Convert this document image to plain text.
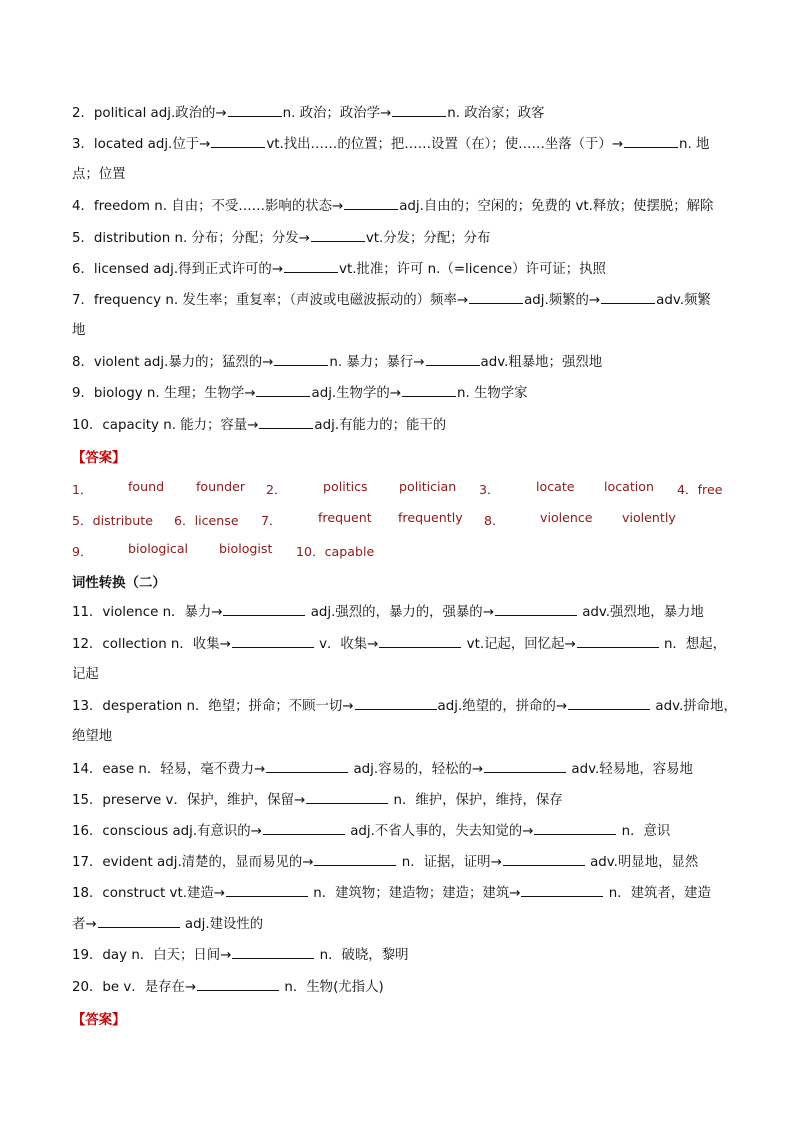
2．political adj.政治的→	n. 政治；政治学→	n. 政治家；政客
3．located adj.位于→	vt.找出……的位置；把……设置（在）；使……坐落（于）→	n. 地
点；位置
4．freedom n. 自由；不受……影响的状态→	adj.自由的；空闲的；免费的 vt.释放；使摆脱；解除
5．distribution n. 分布；分配；分发→	vt.分发；分配；分布
6．licensed adj.得到正式许可的→	vt.批准；许可 n.（=licence）许可证；执照
7．frequency n. 发生率；重复率；（声波或电磁波振动的）频率→	adj.频繁的→	adv.频繁
地
8．violent adj.暴力的；猛烈的→	n. 暴力；暴行→	adv.粗暴地；强烈地
9．biology n. 生理；生物学→	adj.生物学的→	n. 生物学家
10．capacity n. 能力；容量→	adj.有能力的；能干的
【答案】
1．	found	founder 2．	politics politician 3．	locate location 4．free
5．distribute 6．license 7．	frequent frequently 8．	violence violently
9．	biological biologist 10．capable
词性转换（二）
11．violence n．暴力→	adj.强烈的，暴力的，强暴的→	adv.强烈地，暴力地
12．collection n．收集→	v．收集→	vt.记起，回忆起→	n．想起，
记起
13．desperation n．绝望；拼命；不顾一切→	adj.绝望的，拼命的→	adv.拼命地，
绝望地
14．ease n．轻易，毫不费力→	adj.容易的，轻松的→	adv.轻易地，容易地
15．preserve v．保护，维护，保留→	n．维护，保护，维持，保存
16．conscious adj.有意识的→	adj.不省人事的，失去知觉的→	n．意识
17．evident adj.清楚的，显而易见的→	n．证据，证明→	adv.明显地，显然
18．construct vt.建造→	n．建筑物；建造物；建造；建筑→	n．建筑者，建造
者→	adj.建设性的
19．day n．白天；日间→	n．破晓，黎明
20．be v．是存在→	n．生物(尤指人)
【答案】
